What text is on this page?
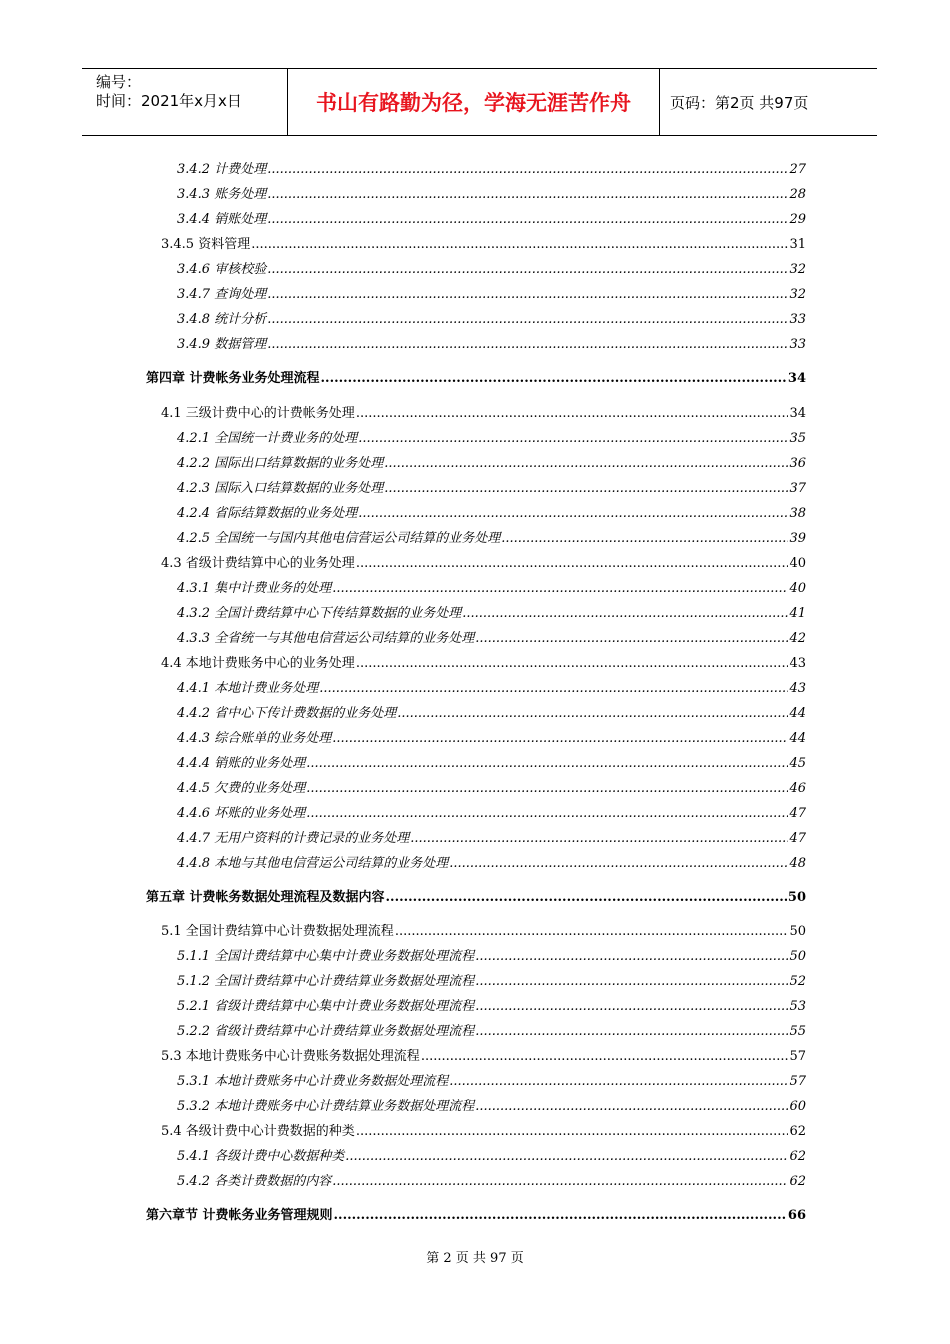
编号：
时间：2021年x月x日	书山有路勤为径，学海无涯苦作舟	页码：第2页 共97页
3.4.2 计费处理 .....	27
3.4.3 账务处理 .....	28
3.4.4 销账处理 .....	29
3.4.5 资料管理 .....	31
3.4.6 审核校验 .....	32
3.4.7 查询处理 .....	32
3.4.8 统计分析 .....	33
3.4.9 数据管理 .....	33
第四章 计费帐务业务处理流程 .....	34
4.1 三级计费中心的计费帐务处理 .....	34
4.2.1 全国统一计费业务的处理 .....	35
4.2.2 国际出口结算数据的业务处理 .....	36
4.2.3 国际入口结算数据的业务处理 .....	37
4.2.4 省际结算数据的业务处理 .....	38
4.2.5 全国统一与国内其他电信营运公司结算的业务处理 .....	39
4.3 省级计费结算中心的业务处理 .....	40
4.3.1 集中计费业务的处理 .....	40
4.3.2 全国计费结算中心下传结算数据的业务处理 .....	41
4.3.3 全省统一与其他电信营运公司结算的业务处理 .....	42
4.4 本地计费账务中心的业务处理 .....	43
4.4.1 本地计费业务处理 .....	43
4.4.2 省中心下传计费数据的业务处理 .....	44
4.4.3 综合账单的业务处理 .....	44
4.4.4 销账的业务处理 .....	45
4.4.5 欠费的业务处理 .....	46
4.4.6 坏账的业务处理 .....	47
4.4.7 无用户资料的计费记录的业务处理 .....	47
4.4.8 本地与其他电信营运公司结算的业务处理 .....	48
第五章 计费帐务数据处理流程及数据内容 .....	50
5.1 全国计费结算中心计费数据处理流程 .....	50
5.1.1 全国计费结算中心集中计费业务数据处理流程 .....	50
5.1.2 全国计费结算中心计费结算业务数据处理流程 .....	52
5.2.1 省级计费结算中心集中计费业务数据处理流程 .....	53
5.2.2 省级计费结算中心计费结算业务数据处理流程 .....	55
5.3 本地计费账务中心计费账务数据处理流程 .....	57
5.3.1 本地计费账务中心计费业务数据处理流程 .....	57
5.3.2 本地计费账务中心计费结算业务数据处理流程 .....	60
5.4 各级计费中心计费数据的种类 .....	62
5.4.1 各级计费中心数据种类 .....	62
5.4.2 各类计费数据的内容 .....	62
第六章节 计费帐务业务管理规则 .....	66
第 2 页 共 97 页
